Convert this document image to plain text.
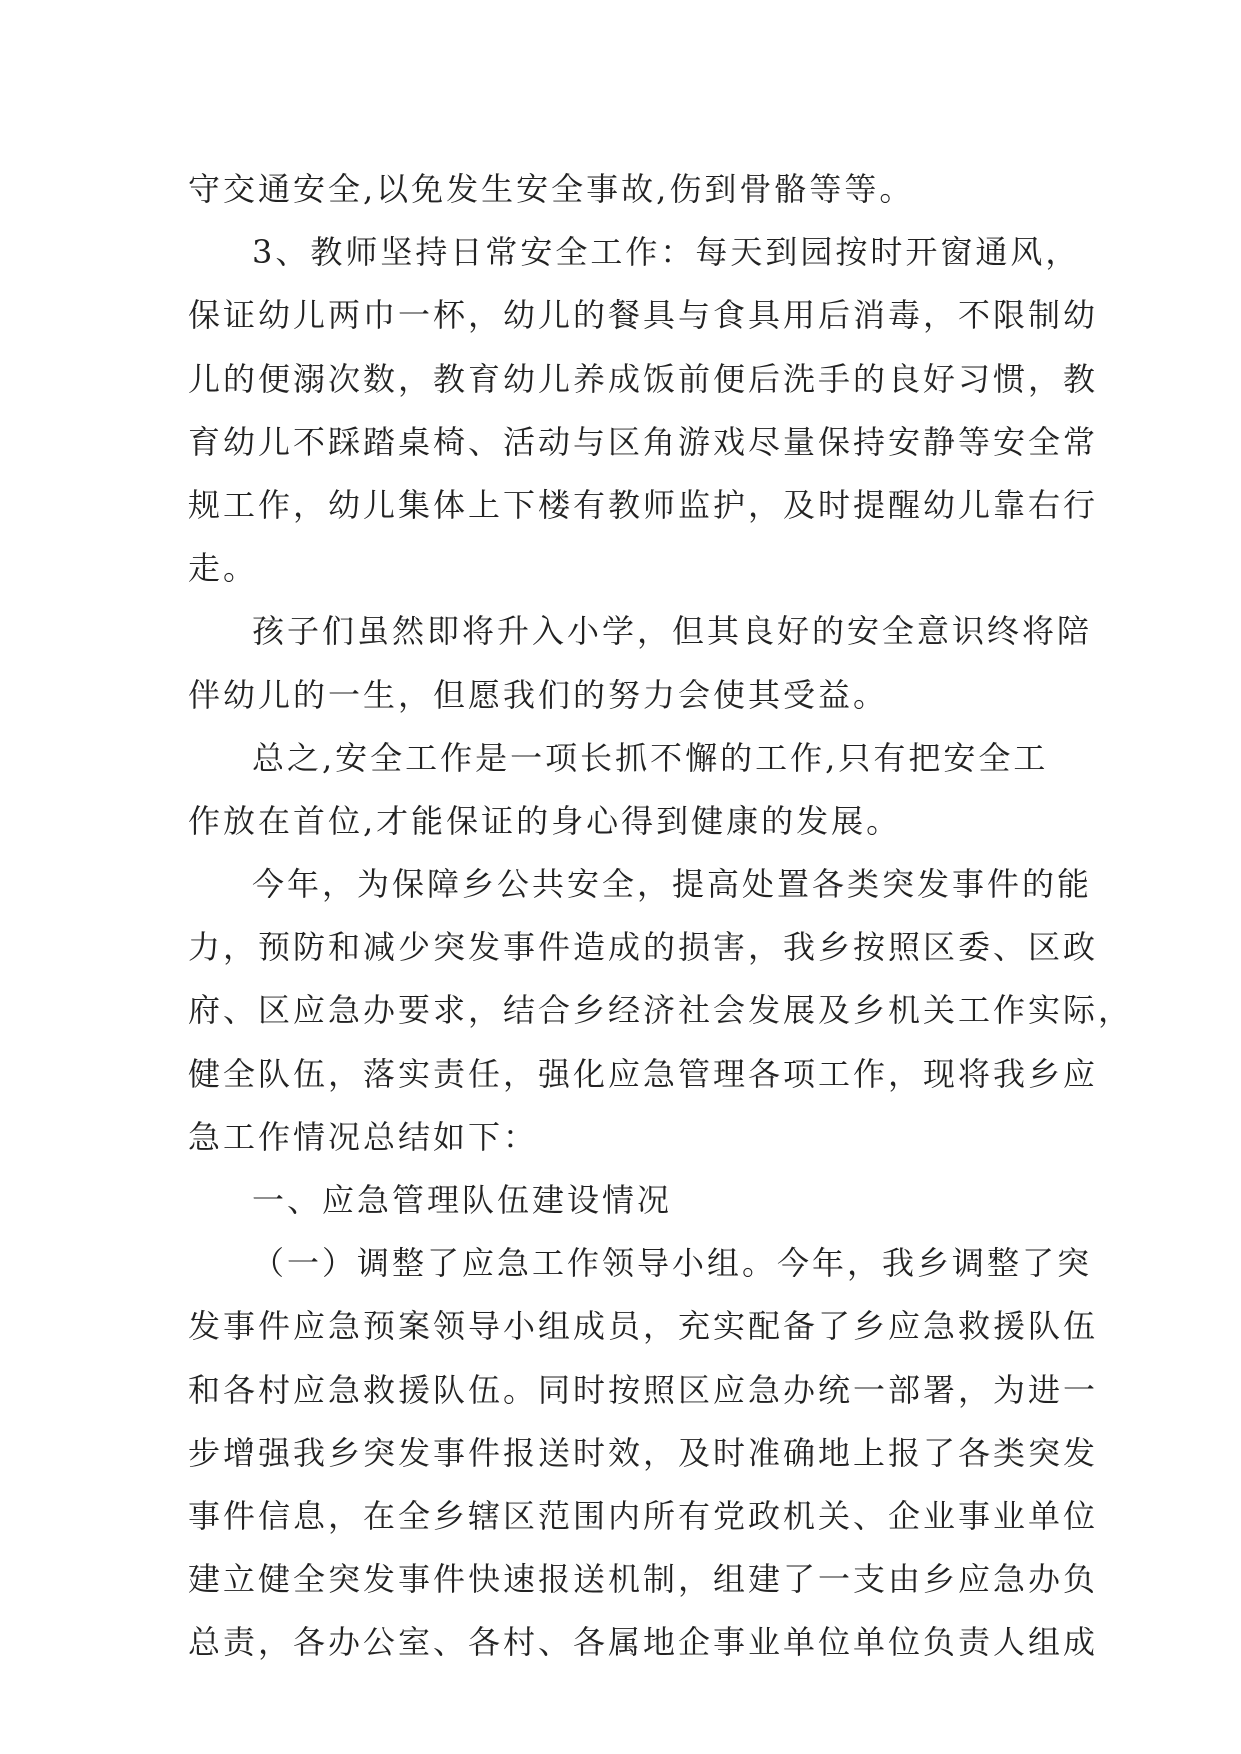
守交通安全,以免发生安全事故,伤到骨骼等等。
3、教师坚持日常安全工作：每天到园按时开窗通风，
保证幼儿两巾一杯，幼儿的餐具与食具用后消毒，不限制幼
儿的便溺次数，教育幼儿养成饭前便后洗手的良好习惯，教
育幼儿不踩踏桌椅、活动与区角游戏尽量保持安静等安全常
规工作，幼儿集体上下楼有教师监护，及时提醒幼儿靠右行
走。
孩子们虽然即将升入小学，但其良好的安全意识终将陪
伴幼儿的一生，但愿我们的努力会使其受益。
总之,安全工作是一项长抓不懈的工作,只有把安全工
作放在首位,才能保证的身心得到健康的发展。
今年，为保障乡公共安全，提高处置各类突发事件的能
力，预防和减少突发事件造成的损害，我乡按照区委、区政
府、区应急办要求，结合乡经济社会发展及乡机关工作实际，
健全队伍，落实责任，强化应急管理各项工作，现将我乡应
急工作情况总结如下：
一、应急管理队伍建设情况
（一）调整了应急工作领导小组。今年，我乡调整了突
发事件应急预案领导小组成员，充实配备了乡应急救援队伍
和各村应急救援队伍。同时按照区应急办统一部署，为进一
步增强我乡突发事件报送时效，及时准确地上报了各类突发
事件信息，在全乡辖区范围内所有党政机关、企业事业单位
建立健全突发事件快速报送机制，组建了一支由乡应急办负
总责，各办公室、各村、各属地企事业单位单位负责人组成
